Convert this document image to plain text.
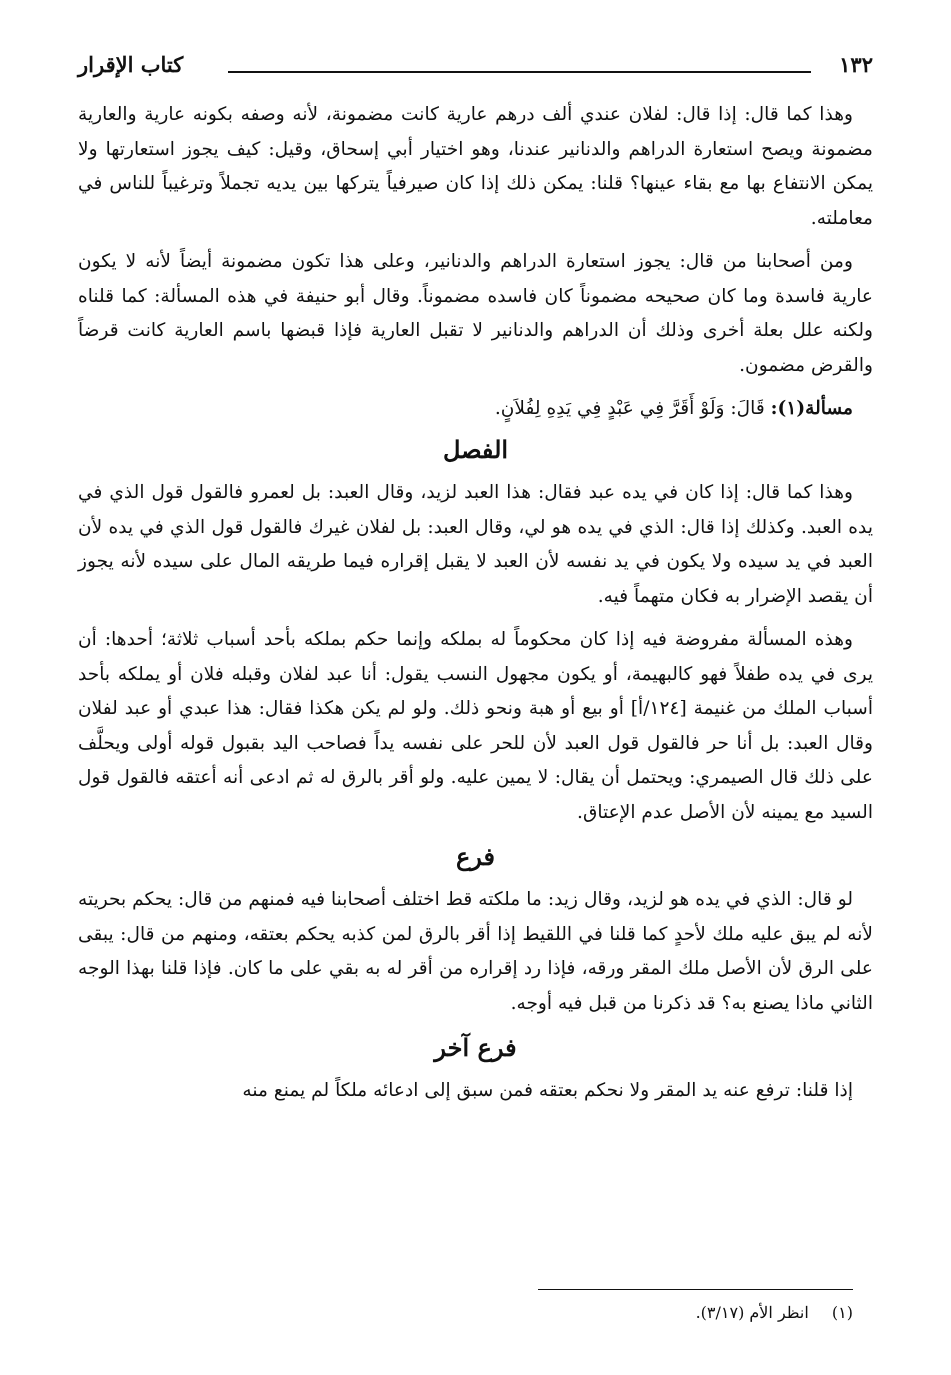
١٣٢
كتاب الإقرار

وهذا كما قال: إذا قال: لفلان عندي ألف درهم عارية كانت مضمونة، لأنه وصفه بكونه عارية والعارية مضمونة ويصح استعارة الدراهم والدنانير عندنا، وهو اختيار أبي إسحاق، وقيل: كيف يجوز استعارتها ولا يمكن الانتفاع بها مع بقاء عينها؟ قلنا: يمكن ذلك إذا كان صيرفياً يتركها بين يديه تجملاً وترغيباً للناس في معاملته.

ومن أصحابنا من قال: يجوز استعارة الدراهم والدنانير، وعلى هذا تكون مضمونة أيضاً لأنه لا يكون عارية فاسدة وما كان صحيحه مضموناً كان فاسده مضموناً. وقال أبو حنيفة في هذه المسألة: كما قلناه ولكنه علل بعلة أخرى وذلك أن الدراهم والدنانير لا تقبل العارية فإذا قبضها باسم العارية كانت قرضاً والقرض مضمون.

مسألة(١): قَالَ: وَلَوْ أَقَرَّ فِي عَبْدٍ فِي يَدِهِ لِفُلاَنٍ.

الفصل

وهذا كما قال: إذا كان في يده عبد فقال: هذا العبد لزيد، وقال العبد: بل لعمرو فالقول قول الذي في يده العبد. وكذلك إذا قال: الذي في يده هو لي، وقال العبد: بل لفلان غيرك فالقول قول الذي في يده لأن العبد في يد سيده ولا يكون في يد نفسه لأن العبد لا يقبل إقراره فيما طريقه المال على سيده لأنه يجوز أن يقصد الإضرار به فكان متهماً فيه.

وهذه المسألة مفروضة فيه إذا كان محكوماً له بملكه وإنما حكم بملكه بأحد أسباب ثلاثة؛ أحدها: أن يرى في يده طفلاً فهو كالبهيمة، أو يكون مجهول النسب يقول: أنا عبد لفلان وقبله فلان أو يملكه بأحد أسباب الملك من غنيمة [١٢٤/أ] أو بيع أو هبة ونحو ذلك. ولو لم يكن هكذا فقال: هذا عبدي أو عبد لفلان وقال العبد: بل أنا حر فالقول قول العبد لأن للحر على نفسه يداً فصاحب اليد بقبول قوله أولى ويحلَّف على ذلك قال الصيمري: ويحتمل أن يقال: لا يمين عليه. ولو أقر بالرق له ثم ادعى أنه أعتقه فالقول قول السيد مع يمينه لأن الأصل عدم الإعتاق.

فرع

لو قال: الذي في يده هو لزيد، وقال زيد: ما ملكته قط اختلف أصحابنا فيه فمنهم من قال: يحكم بحريته لأنه لم يبق عليه ملك لأحدٍ كما قلنا في اللقيط إذا أقر بالرق لمن كذبه يحكم بعتقه، ومنهم من قال: يبقى على الرق لأن الأصل ملك المقر ورقه، فإذا رد إقراره من أقر له به بقي على ما كان. فإذا قلنا بهذا الوجه الثاني ماذا يصنع به؟ قد ذكرنا من قبل فيه أوجه.

فرع آخر

إذا قلنا: ترفع عنه يد المقر ولا نحكم بعتقه فمن سبق إلى ادعائه ملكاً لم يمنع منه

(١) انظر الأم (٣/١٧).
